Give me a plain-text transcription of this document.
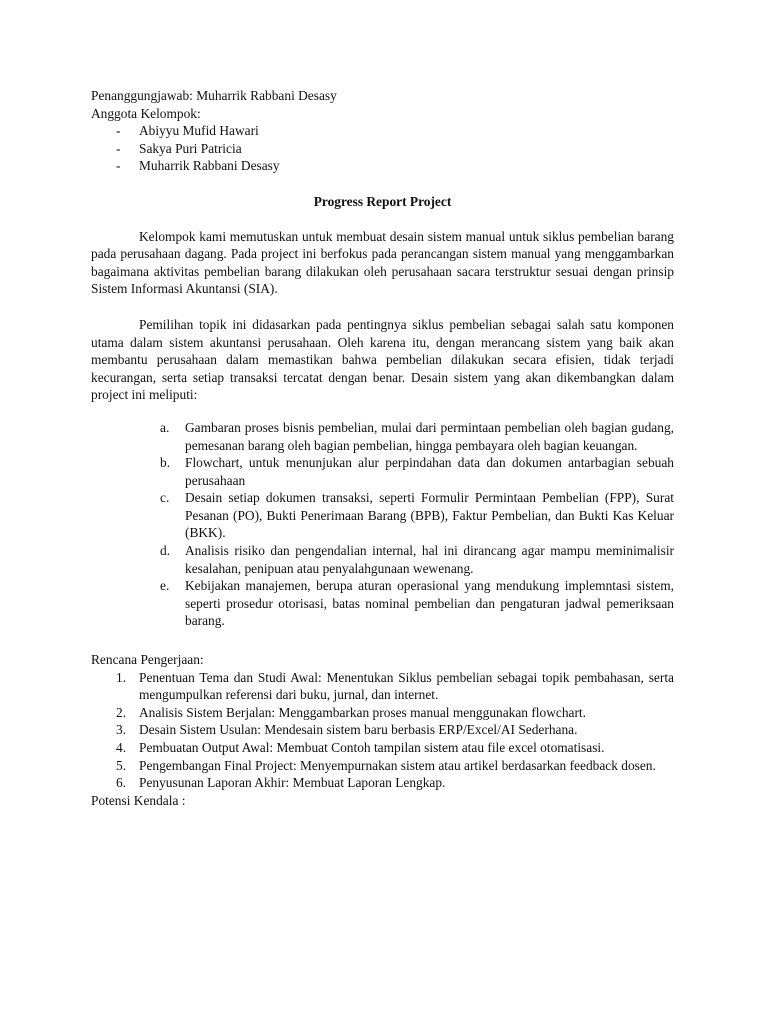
Penanggungjawab: Muharrik Rabbani Desasy
Anggota Kelompok:
- Abiyyu Mufid Hawari
- Sakya Puri Patricia
- Muharrik Rabbani Desasy
Progress Report Project

Kelompok kami memutuskan untuk membuat desain sistem manual untuk siklus pembelian barang pada perusahaan dagang. Pada project ini berfokus pada perancangan sistem manual yang menggambarkan bagaimana aktivitas pembelian barang dilakukan oleh perusahaan sacara terstruktur sesuai dengan prinsip Sistem Informasi Akuntansi (SIA).

Pemilihan topik ini didasarkan pada pentingnya siklus pembelian sebagai salah satu komponen utama dalam sistem akuntansi perusahaan. Oleh karena itu, dengan merancang sistem yang baik akan membantu perusahaan dalam memastikan bahwa pembelian dilakukan secara efisien, tidak terjadi kecurangan, serta setiap transaksi tercatat dengan benar. Desain sistem yang akan dikembangkan dalam project ini meliputi:

a. Gambaran proses bisnis pembelian, mulai dari permintaan pembelian oleh bagian gudang, pemesanan barang oleh bagian pembelian, hingga pembayara oleh bagian keuangan.
b. Flowchart, untuk menunjukan alur perpindahan data dan dokumen antarbagian sebuah perusahaan
c. Desain setiap dokumen transaksi, seperti Formulir Permintaan Pembelian (FPP), Surat Pesanan (PO), Bukti Penerimaan Barang (BPB), Faktur Pembelian, dan Bukti Kas Keluar (BKK).
d. Analisis risiko dan pengendalian internal, hal ini dirancang agar mampu meminimalisir kesalahan, penipuan atau penyalahgunaan wewenang.
e. Kebijakan manajemen, berupa aturan operasional yang mendukung implemntasi sistem, seperti prosedur otorisasi, batas nominal pembelian dan pengaturan jadwal pemeriksaan barang.
Rencana Pengerjaan:
1. Penentuan Tema dan Studi Awal: Menentukan Siklus pembelian sebagai topik pembahasan, serta mengumpulkan referensi dari buku, jurnal, dan internet.
2. Analisis Sistem Berjalan: Menggambarkan proses manual menggunakan flowchart.
3. Desain Sistem Usulan: Mendesain sistem baru berbasis ERP/Excel/AI Sederhana.
4. Pembuatan Output Awal: Membuat Contoh tampilan sistem atau file excel otomatisasi.
5. Pengembangan Final Project: Menyempurnakan sistem atau artikel berdasarkan feedback dosen.
6. Penyusunan Laporan Akhir: Membuat Laporan Lengkap.
Potensi Kendala :
